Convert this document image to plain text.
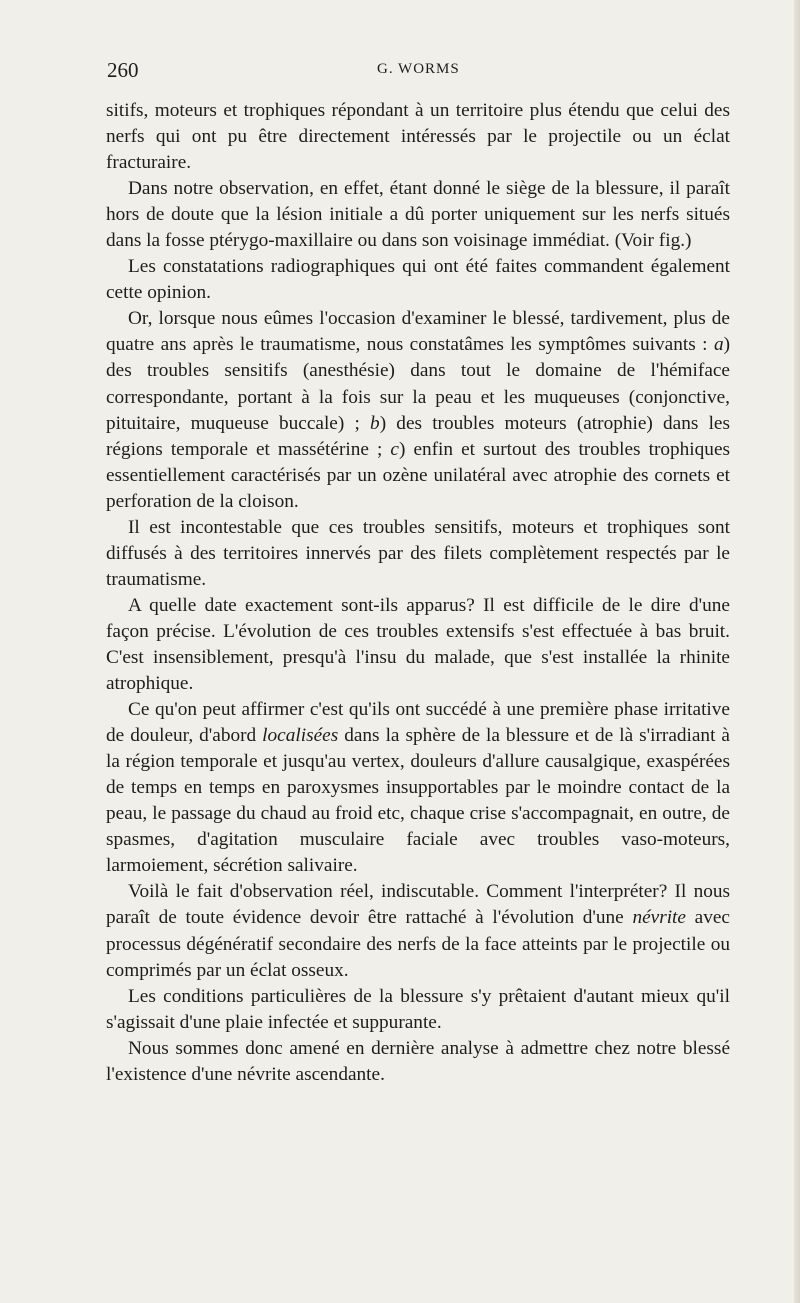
260	G. WORMS

sitifs, moteurs et trophiques répondant à un territoire plus étendu que celui des nerfs qui ont pu être directement intéressés par le projectile ou un éclat fracturaire.

Dans notre observation, en effet, étant donné le siège de la blessure, il paraît hors de doute que la lésion initiale a dû porter uniquement sur les nerfs situés dans la fosse ptérygo-maxillaire ou dans son voisinage immédiat. (Voir fig.)

Les constatations radiographiques qui ont été faites commandent également cette opinion.

Or, lorsque nous eûmes l'occasion d'examiner le blessé, tardivement, plus de quatre ans après le traumatisme, nous constatâmes les symptômes suivants : a) des troubles sensitifs (anesthésie) dans tout le domaine de l'hémiface correspondante, portant à la fois sur la peau et les muqueuses (conjonctive, pituitaire, muqueuse buccale) ; b) des troubles moteurs (atrophie) dans les régions temporale et massétérine ; c) enfin et surtout des troubles trophiques essentiellement caractérisés par un ozène unilatéral avec atrophie des cornets et perforation de la cloison.

Il est incontestable que ces troubles sensitifs, moteurs et trophiques sont diffusés à des territoires innervés par des filets complètement respectés par le traumatisme.

A quelle date exactement sont-ils apparus? Il est difficile de le dire d'une façon précise. L'évolution de ces troubles extensifs s'est effectuée à bas bruit. C'est insensiblement, presqu'à l'insu du malade, que s'est installée la rhinite atrophique.

Ce qu'on peut affirmer c'est qu'ils ont succédé à une première phase irritative de douleur, d'abord localisées dans la sphère de la blessure et de là s'irradiant à la région temporale et jusqu'au vertex, douleurs d'allure causalgique, exaspérées de temps en temps en paroxysmes insupportables par le moindre contact de la peau, le passage du chaud au froid etc, chaque crise s'accompagnait, en outre, de spasmes, d'agitation musculaire faciale avec troubles vaso-moteurs, larmoiement, sécrétion salivaire.

Voilà le fait d'observation réel, indiscutable. Comment l'interpréter? Il nous paraît de toute évidence devoir être rattaché à l'évolution d'une névrite avec processus dégénératif secondaire des nerfs de la face atteints par le projectile ou comprimés par un éclat osseux.

Les conditions particulières de la blessure s'y prêtaient d'autant mieux qu'il s'agissait d'une plaie infectée et suppurante.

Nous sommes donc amené en dernière analyse à admettre chez notre blessé l'existence d'une névrite ascendante.
